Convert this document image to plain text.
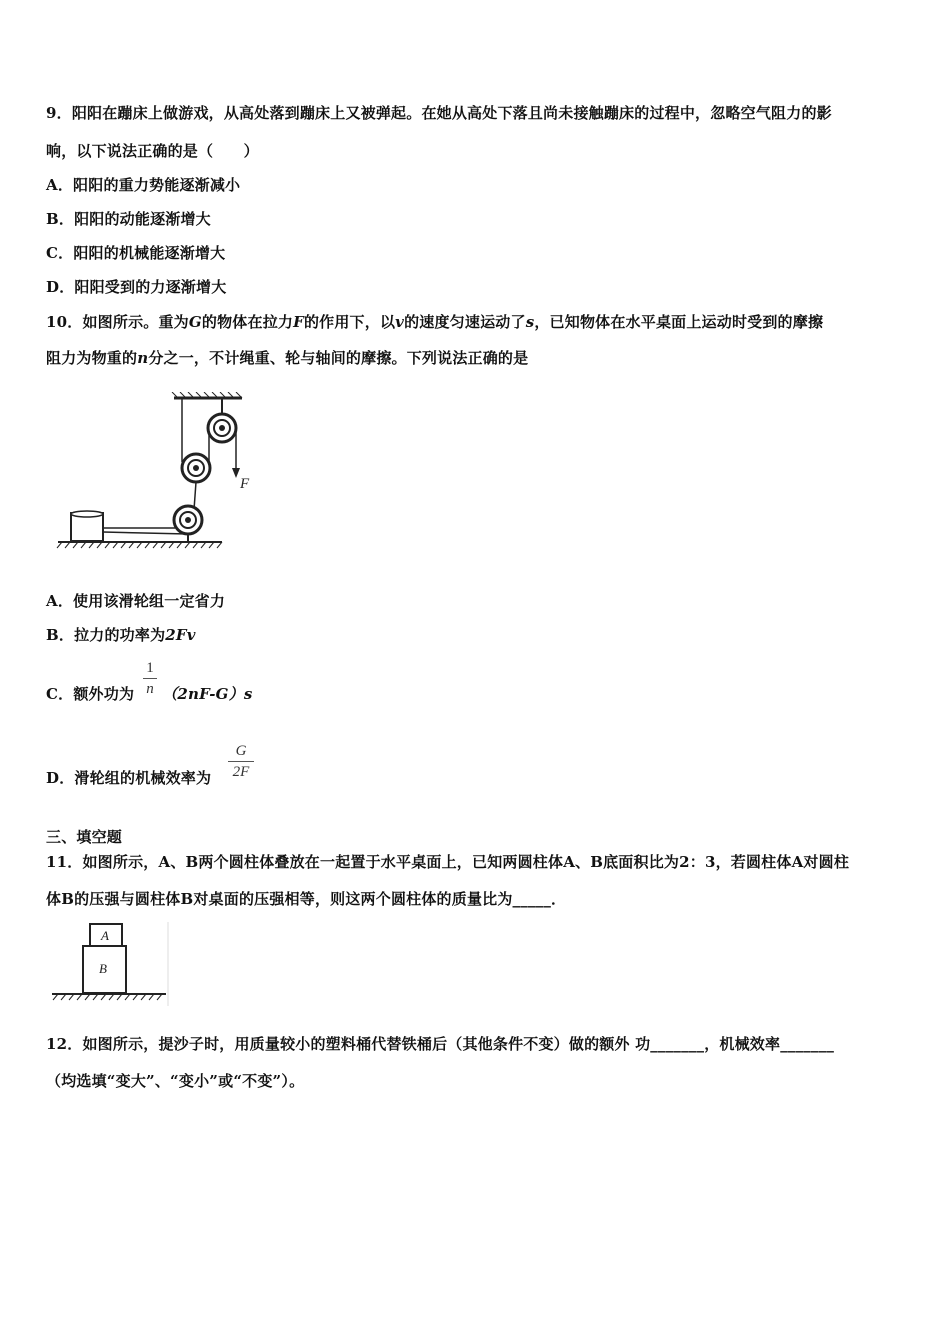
9．阳阳在蹦床上做游戏，从高处落到蹦床上又被弹起。在她从高处下落且尚未接触蹦床的过程中，忽略空气阻力的影
响，以下说法正确的是（　　）
A．阳阳的重力势能逐渐减小
B．阳阳的动能逐渐增大
C．阳阳的机械能逐渐增大
D．阳阳受到的力逐渐增大
10．如图所示。重为G的物体在拉力F的作用下，以v的速度匀速运动了s，已知物体在水平桌面上运动时受到的摩擦
阻力为物重的n分之一，不计绳重、轮与轴间的摩擦。下列说法正确的是
F
A．使用该滑轮组一定省力
B．拉力的功率为2Fv
C．额外功为 （2nF-G）s
1
n
D．滑轮组的机械效率为
G
2F
三、填空题
11．如图所示，A、B两个圆柱体叠放在一起置于水平桌面上，已知两圆柱体A、B底面积比为2：3，若圆柱体A对圆柱
体B的压强与圆柱体B对桌面的压强相等，则这两个圆柱体的质量比为_____．
A
B
12．如图所示，提沙子时，用质量较小的塑料桶代替铁桶后（其他条件不变）做的额外 功_______，机械效率_______
（均选填“变大”、“变小”或“不变”）。
